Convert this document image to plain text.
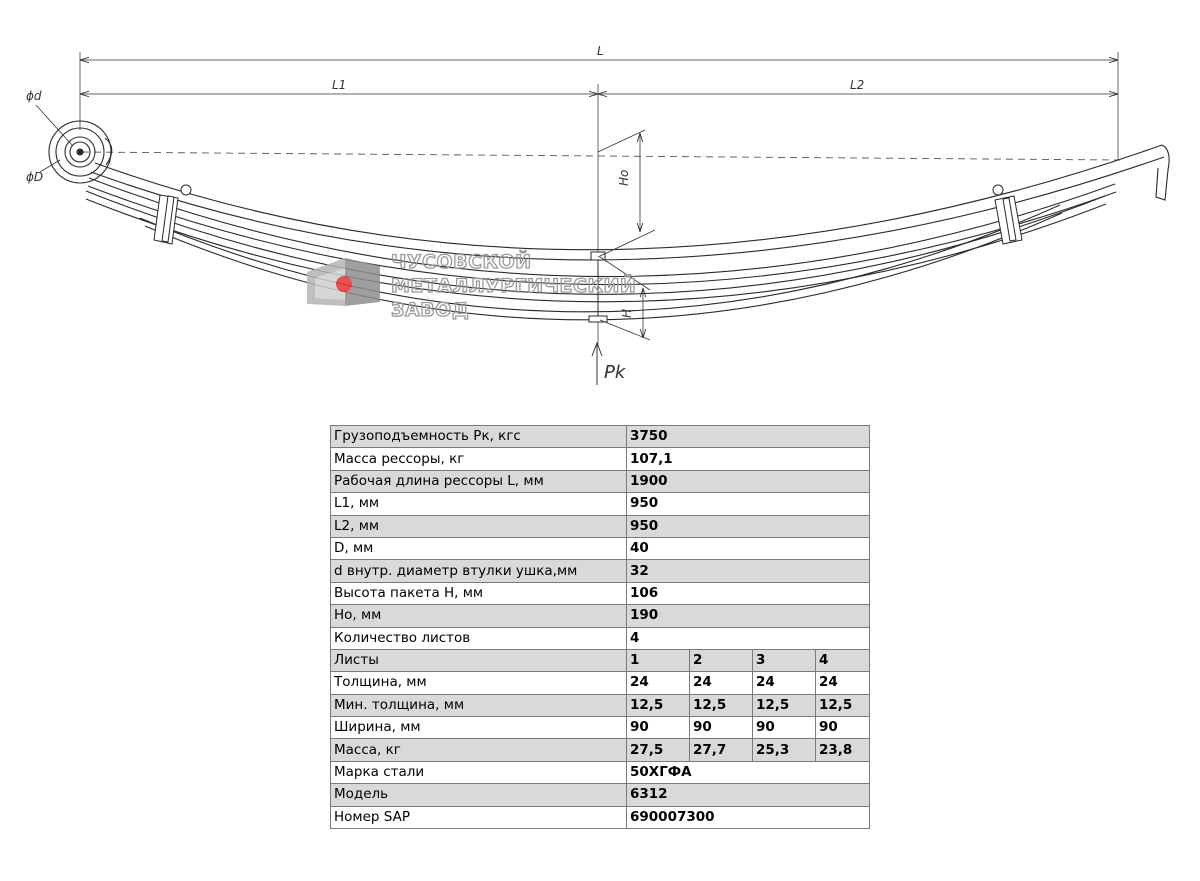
L
L1	L2
ϕd
ϕD	Ho
H
Pk
ЧУСОВСКОЙ
МЕТАЛЛУРГИЧЕСКИЙ
ЗАВОД
Грузоподъемность Pк, кгс	3750			
Масса рессоры, кг	107,1			
Рабочая длина рессоры L, мм	1900			
L1, мм	950			
L2, мм	950			
D, мм	40			
d внутр. диаметр втулки ушка,мм	32			
Высота пакета H, мм	106			
Ho, мм	190			
Количество листов	4			
Листы	1	2	3	4
Толщина, мм	24	24	24	24
Мин. толщина, мм	12,5	12,5	12,5	12,5
Ширина, мм	90	90	90	90
Масса, кг	27,5	27,7	25,3	23,8
Марка стали	50ХГФА			
Модель	6312			
Номер SAP	690007300			
